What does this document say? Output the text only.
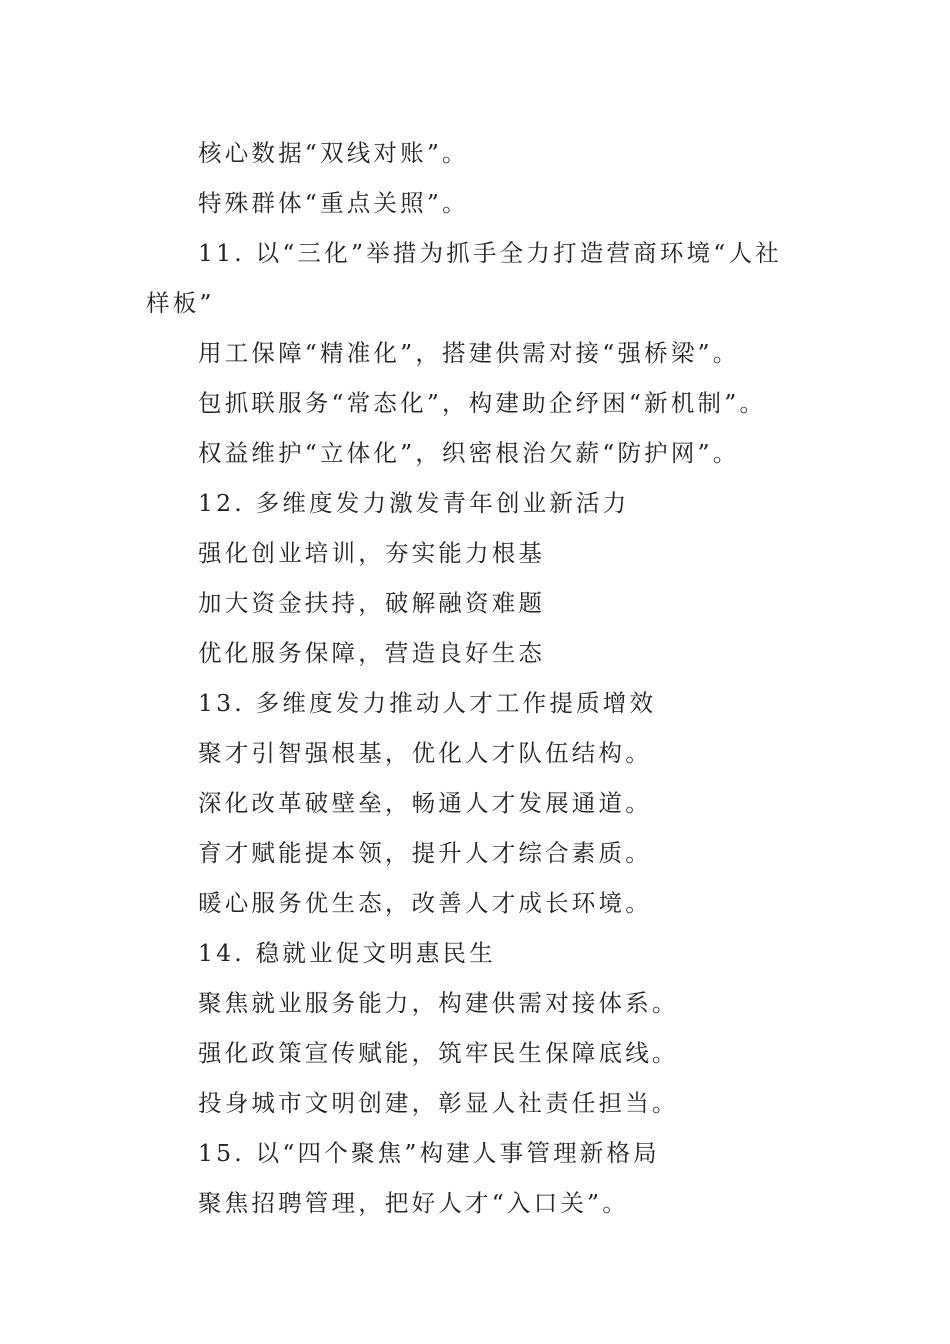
核心数据“双线对账”。
特殊群体“重点关照”。
11. 以“三化”举措为抓手全力打造营商环境“人社
样板”
用工保障“精准化”，搭建供需对接“强桥梁”。
包抓联服务“常态化”，构建助企纾困“新机制”。
权益维护“立体化”，织密根治欠薪“防护网”。
12. 多维度发力激发青年创业新活力
强化创业培训，夯实能力根基
加大资金扶持，破解融资难题
优化服务保障，营造良好生态
13. 多维度发力推动人才工作提质增效
聚才引智强根基，优化人才队伍结构。
深化改革破壁垒，畅通人才发展通道。
育才赋能提本领，提升人才综合素质。
暖心服务优生态，改善人才成长环境。
14. 稳就业促文明惠民生
聚焦就业服务能力，构建供需对接体系。
强化政策宣传赋能，筑牢民生保障底线。
投身城市文明创建，彰显人社责任担当。
15. 以“四个聚焦”构建人事管理新格局
聚焦招聘管理，把好人才“入口关”。
